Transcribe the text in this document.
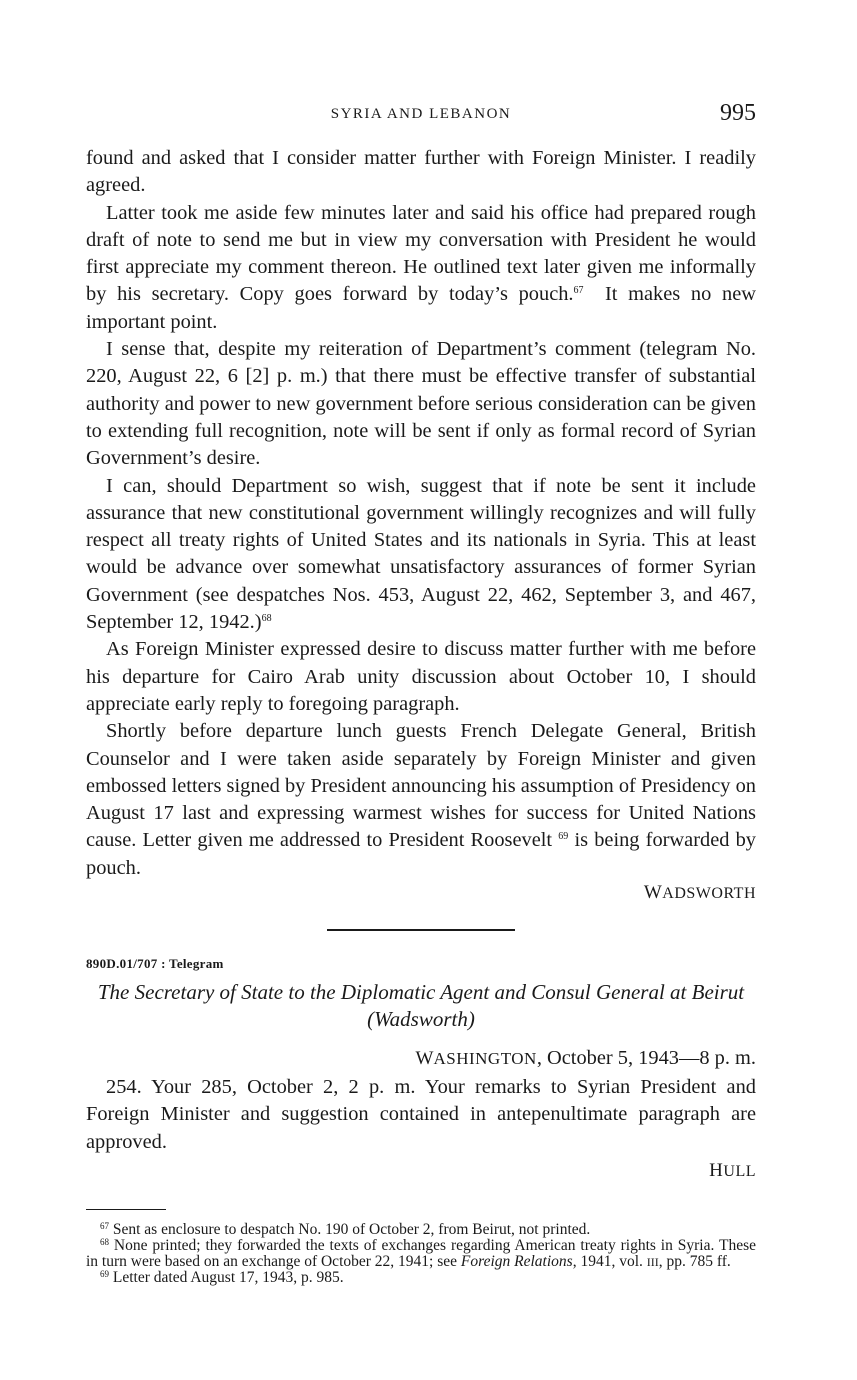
SYRIA AND LEBANON	995

found and asked that I consider matter further with Foreign Minister. I readily agreed.

Latter took me aside few minutes later and said his office had prepared rough draft of note to send me but in view my conversation with President he would first appreciate my comment thereon. He outlined text later given me informally by his secretary. Copy goes forward by today’s pouch.$^{67}$ It makes no new important point.

I sense that, despite my reiteration of Department’s comment (telegram No. 220, August 22, 6 [2] p. m.) that there must be effective transfer of substantial authority and power to new government before serious consideration can be given to extending full recognition, note will be sent if only as formal record of Syrian Government’s desire.

I can, should Department so wish, suggest that if note be sent it include assurance that new constitutional government willingly recognizes and will fully respect all treaty rights of United States and its nationals in Syria. This at least would be advance over somewhat unsatisfactory assurances of former Syrian Government (see despatches Nos. 453, August 22, 462, September 3, and 467, September 12, 1942.)$^{68}$

As Foreign Minister expressed desire to discuss matter further with me before his departure for Cairo Arab unity discussion about October 10, I should appreciate early reply to foregoing paragraph.

Shortly before departure lunch guests French Delegate General, British Counselor and I were taken aside separately by Foreign Minister and given embossed letters signed by President announcing his assumption of Presidency on August 17 last and expressing warmest wishes for success for United Nations cause. Letter given me addressed to President Roosevelt $^{69}$ is being forwarded by pouch.

WADSWORTH
890D.01/707 : Telegram
The Secretary of State to the Diplomatic Agent and Consul General at Beirut (Wadsworth)
WASHINGTON, October 5, 1943—8 p. m.

254. Your 285, October 2, 2 p. m. Your remarks to Syrian President and Foreign Minister and suggestion contained in antepenultimate paragraph are approved.

HULL
$^{67}$ Sent as enclosure to despatch No. 190 of October 2, from Beirut, not printed.
$^{68}$ None printed; they forwarded the texts of exchanges regarding American treaty rights in Syria. These in turn were based on an exchange of October 22, 1941; see Foreign Relations, 1941, vol. III, pp. 785 ff.
$^{69}$ Letter dated August 17, 1943, p. 985.
